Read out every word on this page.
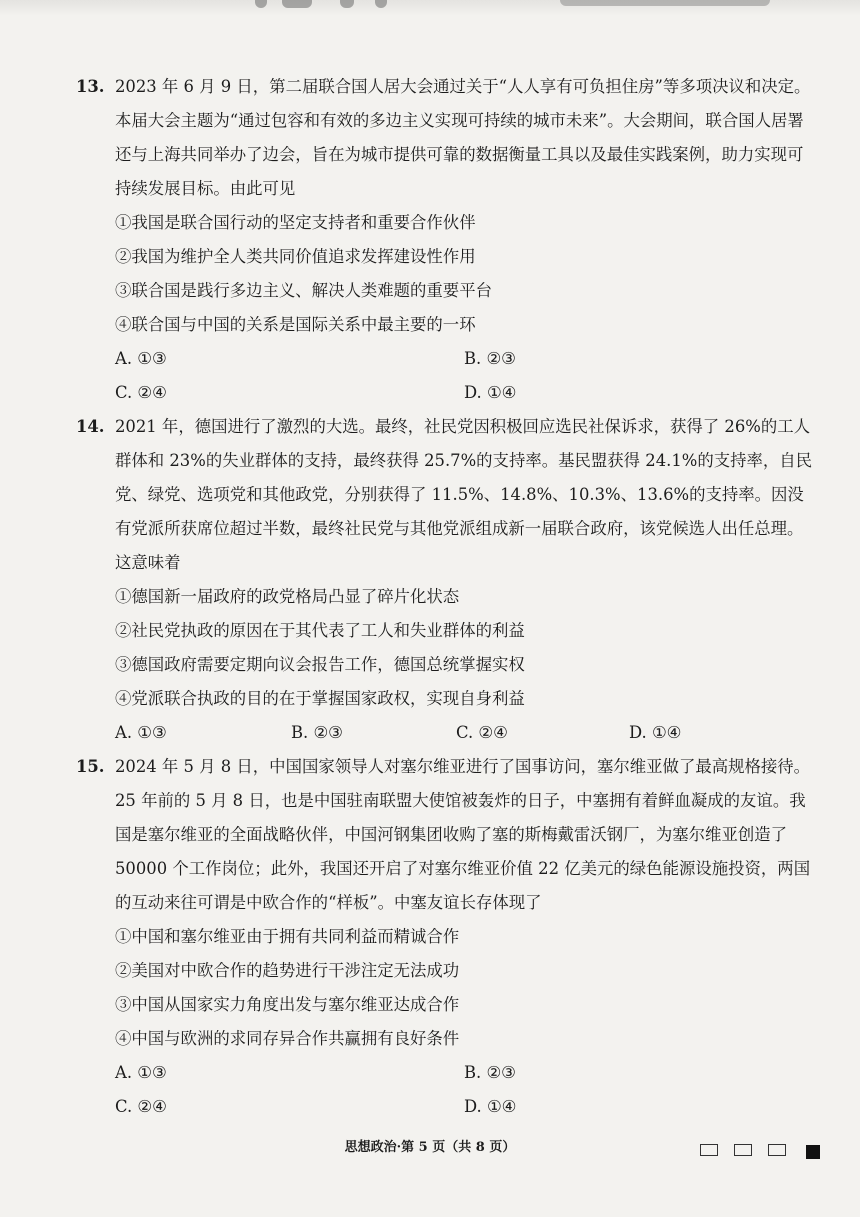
13. 2023 年 6 月 9 日，第二届联合国人居大会通过关于“人人享有可负担住房”等多项决议和决定。本届大会主题为“通过包容和有效的多边主义实现可持续的城市未来”。大会期间，联合国人居署还与上海共同举办了边会，旨在为城市提供可靠的数据衡量工具以及最佳实践案例，助力实现可持续发展目标。由此可见
①我国是联合国行动的坚定支持者和重要合作伙伴
②我国为维护全人类共同价值追求发挥建设性作用
③联合国是践行多边主义、解决人类难题的重要平台
④联合国与中国的关系是国际关系中最主要的一环
A. ①③	B. ②③
C. ②④	D. ①④
14. 2021 年，德国进行了激烈的大选。最终，社民党因积极回应选民社保诉求，获得了 26%的工人群体和 23%的失业群体的支持，最终获得 25.7%的支持率。基民盟获得 24.1%的支持率，自民党、绿党、选项党和其他政党，分别获得了 11.5%、14.8%、10.3%、13.6%的支持率。因没有党派所获席位超过半数，最终社民党与其他党派组成新一届联合政府，该党候选人出任总理。这意味着
①德国新一届政府的政党格局凸显了碎片化状态
②社民党执政的原因在于其代表了工人和失业群体的利益
③德国政府需要定期向议会报告工作，德国总统掌握实权
④党派联合执政的目的在于掌握国家政权，实现自身利益
A. ①③	B. ②③	C. ②④	D. ①④
15. 2024 年 5 月 8 日，中国国家领导人对塞尔维亚进行了国事访问，塞尔维亚做了最高规格接待。25 年前的 5 月 8 日，也是中国驻南联盟大使馆被轰炸的日子，中塞拥有着鲜血凝成的友谊。我国是塞尔维亚的全面战略伙伴，中国河钢集团收购了塞的斯梅戴雷沃钢厂，为塞尔维亚创造了 50000 个工作岗位；此外，我国还开启了对塞尔维亚价值 22 亿美元的绿色能源设施投资，两国的互动来往可谓是中欧合作的“样板”。中塞友谊长存体现了
①中国和塞尔维亚由于拥有共同利益而精诚合作
②美国对中欧合作的趋势进行干涉注定无法成功
③中国从国家实力角度出发与塞尔维亚达成合作
④中国与欧洲的求同存异合作共赢拥有良好条件
A. ①③	B. ②③
C. ②④	D. ①④
思想政治·第 5 页（共 8 页）
